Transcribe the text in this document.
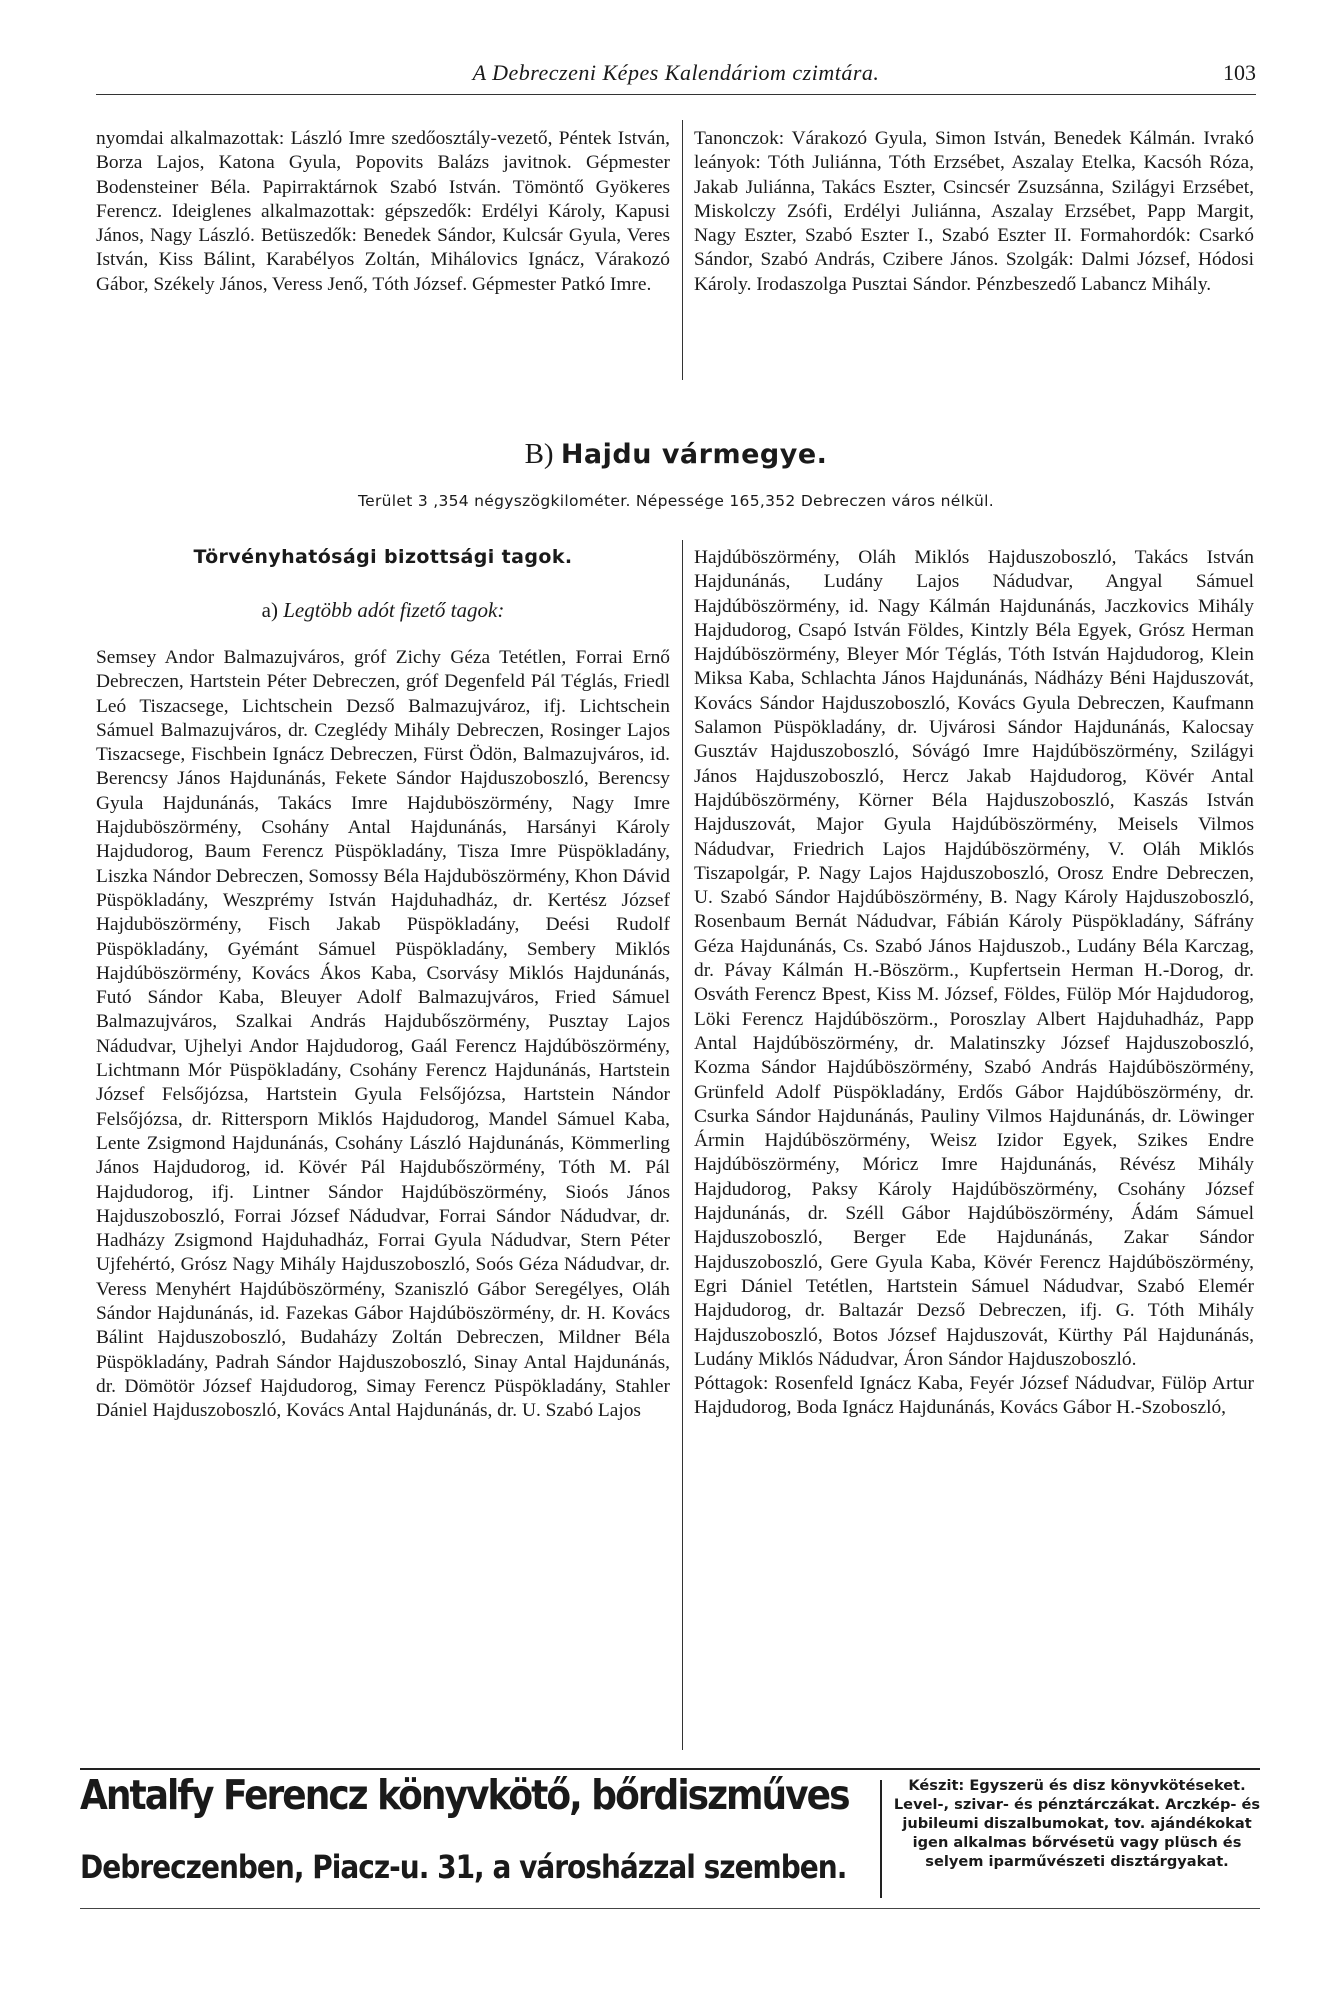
A Debreczeni Képes Kalendáriom czimtára.	103

nyomdai alkalmazottak: László Imre szedőosztály-vezető, Péntek István, Borza Lajos, Katona Gyula, Popovits Balázs javitnok. Gépmester Bodensteiner Béla. Papirraktárnok Szabó István. Tömöntő Gyökeres Ferencz. Ideiglenes alkalmazottak: gépszedők: Erdélyi Károly, Kapusi János, Nagy László. Betüszedők: Benedek Sándor, Kulcsár Gyula, Veres István, Kiss Bálint, Karabélyos Zoltán, Mihálovics Ignácz, Várakozó Gábor, Székely János, Veress Jenő, Tóth József. Gépmester Patkó Imre.

Tanonczok: Várakozó Gyula, Simon István, Benedek Kálmán. Ivrakó leányok: Tóth Juliánna, Tóth Erzsébet, Aszalay Etelka, Kacsóh Róza, Jakab Juliánna, Takács Eszter, Csincsér Zsuzsánna, Szilágyi Erzsébet, Miskolczy Zsófi, Erdélyi Juliánna, Aszalay Erzsébet, Papp Margit, Nagy Eszter, Szabó Eszter I., Szabó Eszter II. Formahordók: Csarkó Sándor, Szabó András, Czibere János. Szolgák: Dalmi József, Hódosi Károly. Irodaszolga Pusztai Sándor. Pénzbeszedő Labancz Mihály.

B) Hajdu vármegye.
Terület 3 ,354 négyszögkilométer. Népessége 165,352 Debreczen város nélkül.
Törvényhatósági bizottsági tagok.
a) Legtöbb adót fizető tagok:

Semsey Andor Balmazujváros, gróf Zichy Géza Tetétlen, Forrai Ernő Debreczen, Hartstein Péter Debreczen, gróf Degenfeld Pál Téglás, Friedl Leó Tiszacsege, Lichtschein Dezső Balmazujvároz, ifj. Lichtschein Sámuel Balmazujváros, dr. Czeglédy Mihály Debreczen, Rosinger Lajos Tiszacsege, Fischbein Ignácz Debreczen, Fürst Ödön, Balmazujváros, id. Berencsy János Hajdunánás, Fekete Sándor Hajduszoboszló, Berencsy Gyula Hajdunánás, Takács Imre Hajduböszörmény, Nagy Imre Hajduböszörmény, Csohány Antal Hajdunánás, Harsányi Károly Hajdudorog, Baum Ferencz Püspökladány, Tisza Imre Püspökladány, Liszka Nándor Debreczen, Somossy Béla Hajduböszörmény, Khon Dávid Püspökladány, Weszprémy István Hajduhadház, dr. Kertész József Hajduböszörmény, Fisch Jakab Püspökladány, Deési Rudolf Püspökladány, Gyémánt Sámuel Püspökladány, Sembery Miklós Hajdúböszörmény, Kovács Ákos Kaba, Csorvásy Miklós Hajdunánás, Futó Sándor Kaba, Bleuyer Adolf Balmazujváros, Fried Sámuel Balmazujváros, Szalkai András Hajdubőszörmény, Pusztay Lajos Nádudvar, Ujhelyi Andor Hajdudorog, Gaál Ferencz Hajdúböszörmény, Lichtmann Mór Püspökladány, Csohány Ferencz Hajdunánás, Hartstein József Felsőjózsa, Hartstein Gyula Felsőjózsa, Hartstein Nándor Felsőjózsa, dr. Rittersporn Miklós Hajdudorog, Mandel Sámuel Kaba, Lente Zsigmond Hajdunánás, Csohány László Hajdunánás, Kömmerling János Hajdudorog, id. Kövér Pál Hajdubőszörmény, Tóth M. Pál Hajdudorog, ifj. Lintner Sándor Hajdúböszörmény, Sioós János Hajduszoboszló, Forrai József Nádudvar, Forrai Sándor Nádudvar, dr. Hadházy Zsigmond Hajduhadház, Forrai Gyula Nádudvar, Stern Péter Ujfehértó, Grósz Nagy Mihály Hajduszoboszló, Soós Géza Nádudvar, dr. Veress Menyhért Hajdúböszörmény, Szaniszló Gábor Seregélyes, Oláh Sándor Hajdunánás, id. Fazekas Gábor Hajdúböszörmény, dr. H. Kovács Bálint Hajduszoboszló, Budaházy Zoltán Debreczen, Mildner Béla Püspökladány, Padrah Sándor Hajduszoboszló, Sinay Antal Hajdunánás, dr. Dömötör József Hajdudorog, Simay Ferencz Püspökladány, Stahler Dániel Hajduszoboszló, Kovács Antal Hajdunánás, dr. U. Szabó Lajos

Hajdúböszörmény, Oláh Miklós Hajduszoboszló, Takács István Hajdunánás, Ludány Lajos Nádudvar, Angyal Sámuel Hajdúböszörmény, id. Nagy Kálmán Hajdunánás, Jaczkovics Mihály Hajdudorog, Csapó István Földes, Kintzly Béla Egyek, Grósz Herman Hajdúböszörmény, Bleyer Mór Téglás, Tóth István Hajdudorog, Klein Miksa Kaba, Schlachta János Hajdunánás, Nádházy Béni Hajduszovát, Kovács Sándor Hajduszoboszló, Kovács Gyula Debreczen, Kaufmann Salamon Püspökladány, dr. Ujvárosi Sándor Hajdunánás, Kalocsay Gusztáv Hajduszoboszló, Sóvágó Imre Hajdúböszörmény, Szilágyi János Hajduszoboszló, Hercz Jakab Hajdudorog, Kövér Antal Hajdúböszörmény, Körner Béla Hajduszoboszló, Kaszás István Hajduszovát, Major Gyula Hajdúböszörmény, Meisels Vilmos Nádudvar, Friedrich Lajos Hajdúböszörmény, V. Oláh Miklós Tiszapolgár, P. Nagy Lajos Hajduszoboszló, Orosz Endre Debreczen, U. Szabó Sándor Hajdúböszörmény, B. Nagy Károly Hajduszoboszló, Rosenbaum Bernát Nádudvar, Fábián Károly Püspökladány, Sáfrány Géza Hajdunánás, Cs. Szabó János Hajduszob., Ludány Béla Karczag, dr. Pávay Kálmán H.-Böszörm., Kupfertsein Herman H.-Dorog, dr. Osváth Ferencz Bpest, Kiss M. József, Földes, Fülöp Mór Hajdudorog, Löki Ferencz Hajdúböszörm., Poroszlay Albert Hajduhadház, Papp Antal Hajdúböszörmény, dr. Malatinszky József Hajduszoboszló, Kozma Sándor Hajdúböszörmény, Szabó András Hajdúböszörmény, Grünfeld Adolf Püspökladány, Erdős Gábor Hajdúböszörmény, dr. Csurka Sándor Hajdunánás, Pauliny Vilmos Hajdunánás, dr. Löwinger Ármin Hajdúböszörmény, Weisz Izidor Egyek, Szikes Endre Hajdúböszörmény, Móricz Imre Hajdunánás, Révész Mihály Hajdudorog, Paksy Károly Hajdúböszörmény, Csohány József Hajdunánás, dr. Széll Gábor Hajdúböszörmény, Ádám Sámuel Hajduszoboszló, Berger Ede Hajdunánás, Zakar Sándor Hajduszoboszló, Gere Gyula Kaba, Kövér Ferencz Hajdúböszörmény, Egri Dániel Tetétlen, Hartstein Sámuel Nádudvar, Szabó Elemér Hajdudorog, dr. Baltazár Dezső Debreczen, ifj. G. Tóth Mihály Hajduszoboszló, Botos József Hajduszovát, Kürthy Pál Hajdunánás, Ludány Miklós Nádudvar, Áron Sándor Hajduszoboszló.

Póttagok: Rosenfeld Ignácz Kaba, Feyér József Nádudvar, Fülöp Artur Hajdudorog, Boda Ignácz Hajdunánás, Kovács Gábor H.-Szoboszló,

Antalfy Ferencz könyvkötő, bőrdiszműves
Debreczenben, Piacz-u. 31, a városházzal szemben.
Készit: Egyszerü és disz könyvkötéseket. Level-, szivar- és pénztárczákat. Arczkép- és jubileumi diszalbumokat, tov. ajándékokat igen alkalmas bőrvésetü vagy plüsch és selyem iparművészeti disztárgyakat.
